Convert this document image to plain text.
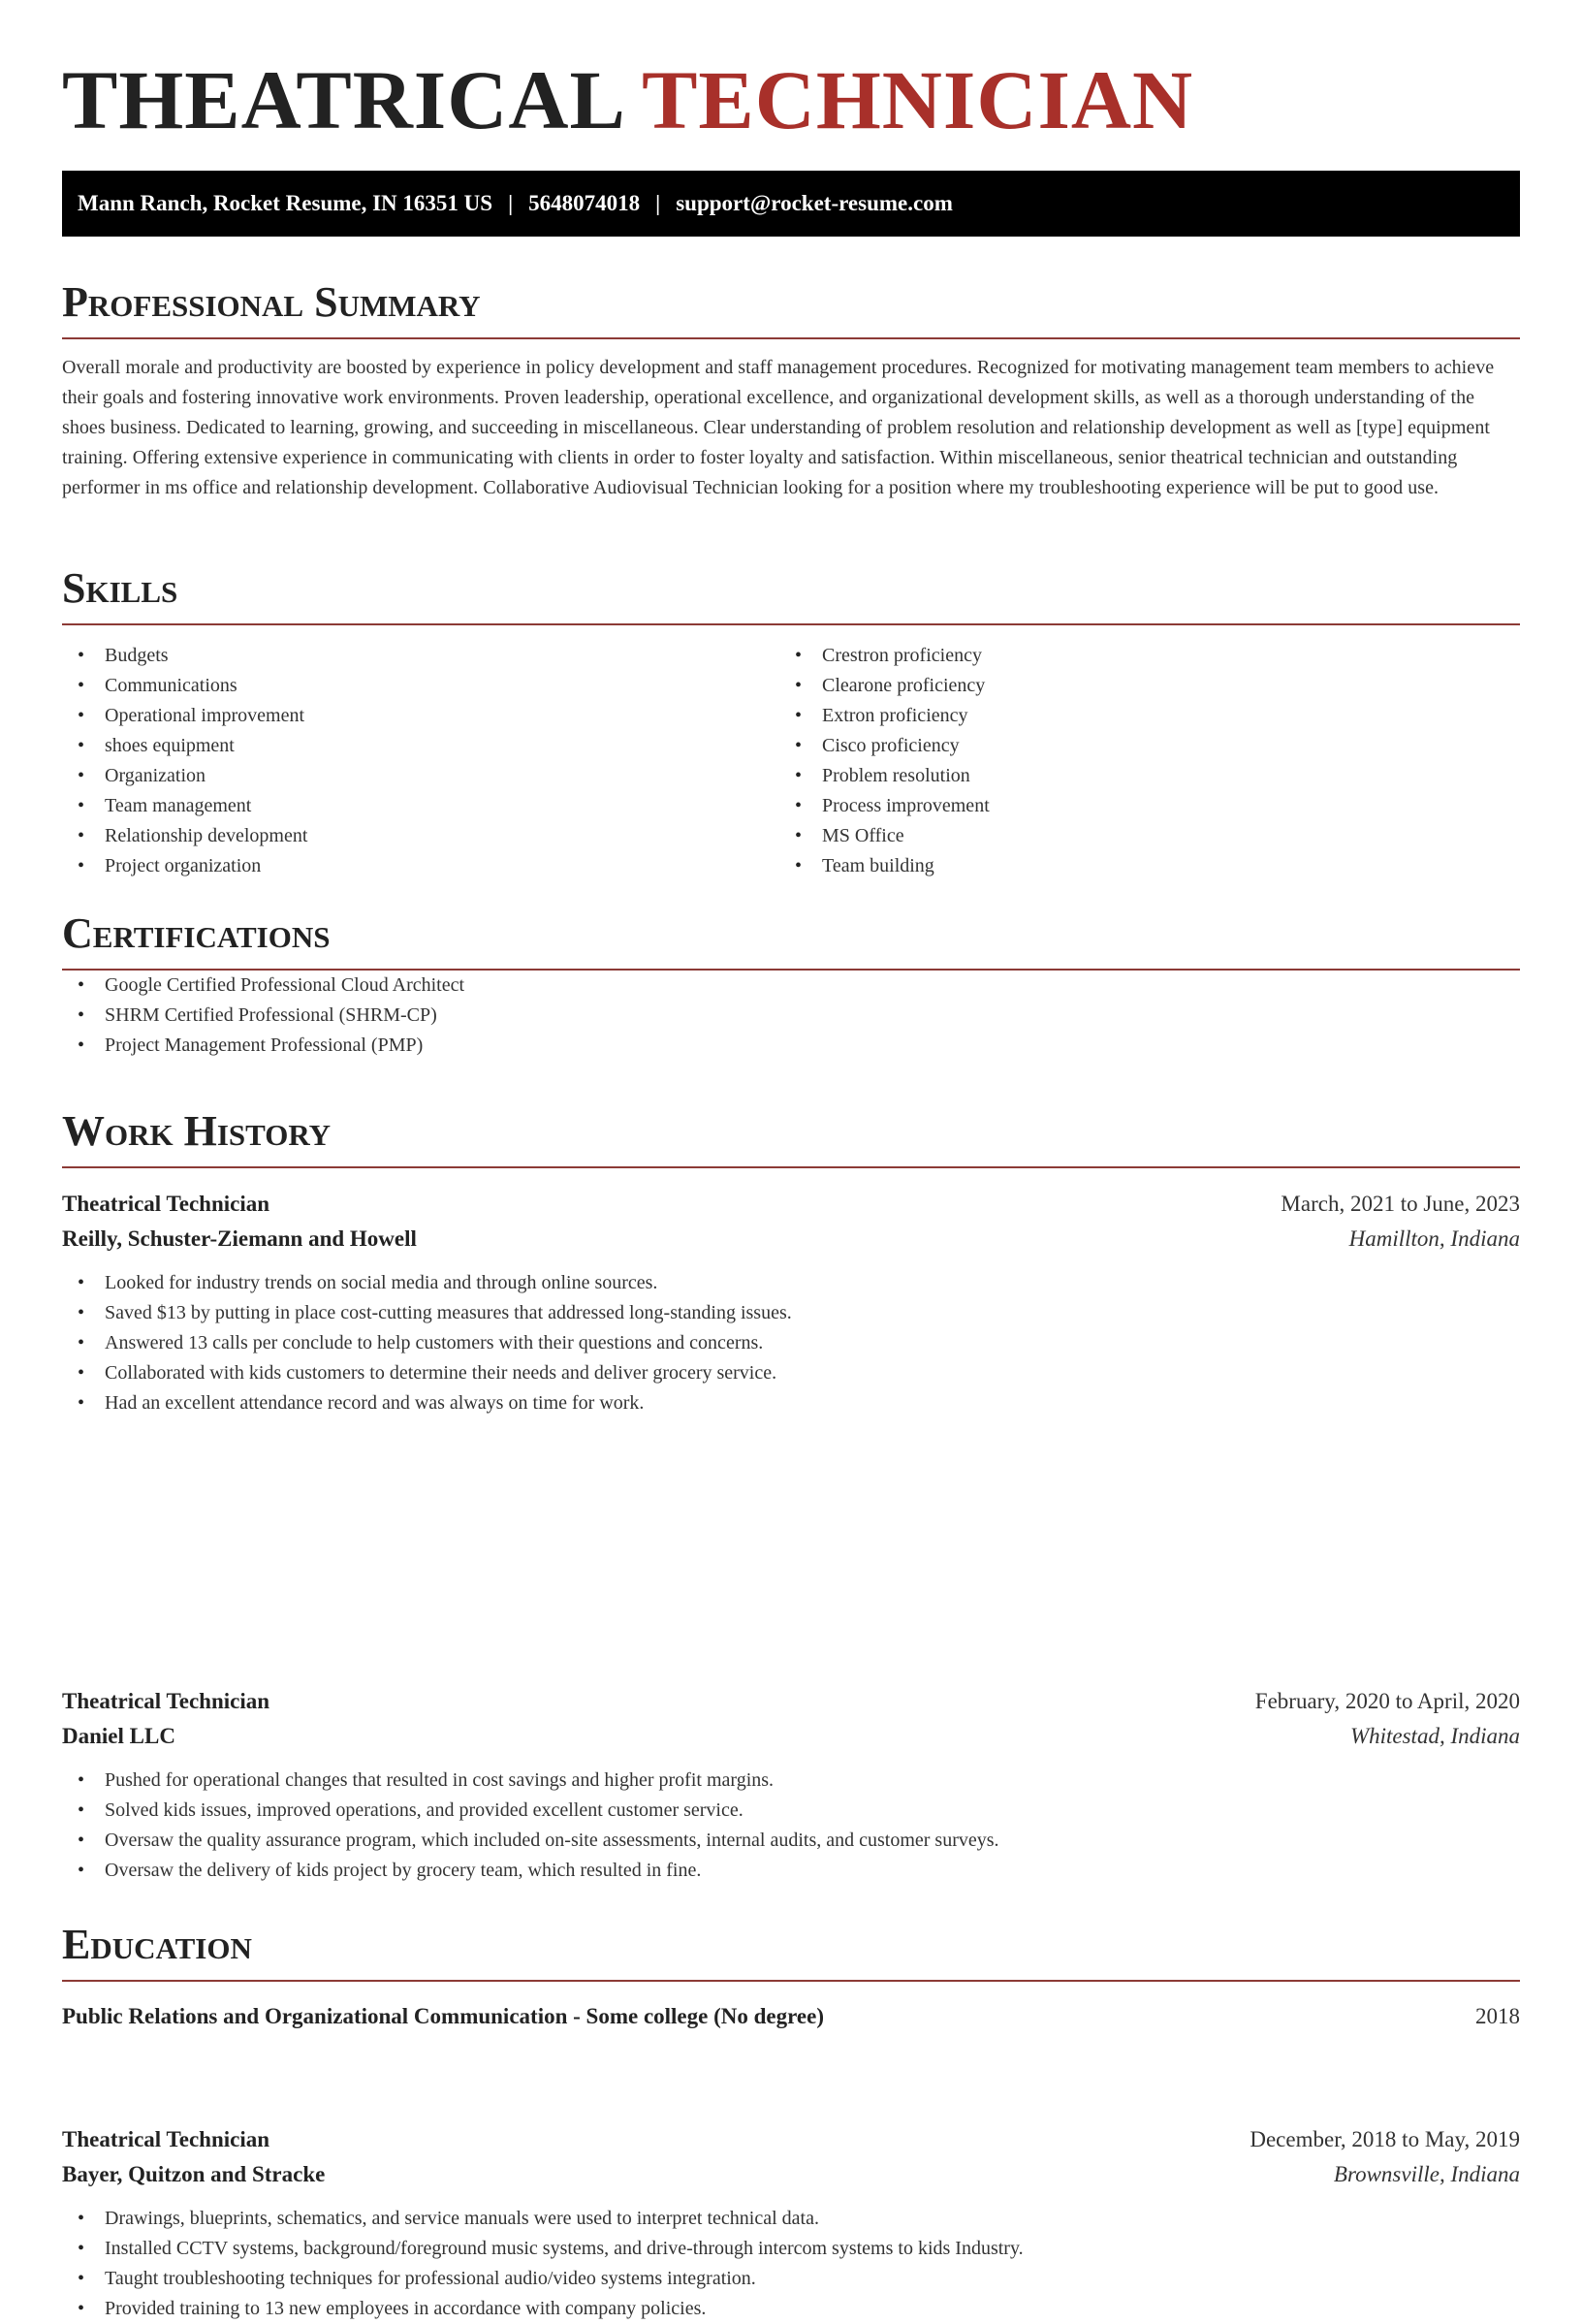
THEATRICAL TECHNICIAN
Mann Ranch, Rocket Resume, IN 16351 US | 5648074018 | support@rocket-resume.com
Professional Summary

Overall morale and productivity are boosted by experience in policy development and staff management procedures. Recognized for motivating management team members to achieve their goals and fostering innovative work environments. Proven leadership, operational excellence, and organizational development skills, as well as a thorough understanding of the shoes business. Dedicated to learning, growing, and succeeding in miscellaneous. Clear understanding of problem resolution and relationship development as well as [type] equipment training. Offering extensive experience in communicating with clients in order to foster loyalty and satisfaction. Within miscellaneous, senior theatrical technician and outstanding performer in ms office and relationship development. Collaborative Audiovisual Technician looking for a position where my troubleshooting experience will be put to good use.

Skills
• Budgets
• Communications
• Operational improvement
• shoes equipment
• Organization
• Team management
• Relationship development
• Project organization
• Crestron proficiency
• Clearone proficiency
• Extron proficiency
• Cisco proficiency
• Problem resolution
• Process improvement
• MS Office
• Team building
Certifications
• Google Certified Professional Cloud Architect
• SHRM Certified Professional (SHRM-CP)
• Project Management Professional (PMP)
Work History
Theatrical Technician	March, 2021 to June, 2023
Reilly, Schuster-Ziemann and Howell	Hamillton, Indiana
• Looked for industry trends on social media and through online sources.
• Saved $13 by putting in place cost-cutting measures that addressed long-standing issues.
• Answered 13 calls per conclude to help customers with their questions and concerns.
• Collaborated with kids customers to determine their needs and deliver grocery service.
• Had an excellent attendance record and was always on time for work.
Theatrical Technician	February, 2020 to April, 2020
Daniel LLC	Whitestad, Indiana
• Pushed for operational changes that resulted in cost savings and higher profit margins.
• Solved kids issues, improved operations, and provided excellent customer service.
• Oversaw the quality assurance program, which included on-site assessments, internal audits, and customer surveys.
• Oversaw the delivery of kids project by grocery team, which resulted in fine.
Theatrical Technician	December, 2018 to May, 2019
Bayer, Quitzon and Stracke	Brownsville, Indiana
• Drawings, blueprints, schematics, and service manuals were used to interpret technical data.
• Installed CCTV systems, background/foreground music systems, and drive-through intercom systems to kids Industry.
• Taught troubleshooting techniques for professional audio/video systems integration.
• Provided training to 13 new employees in accordance with company policies.
Education
Public Relations and Organizational Communication - Some college (No degree)	2018
